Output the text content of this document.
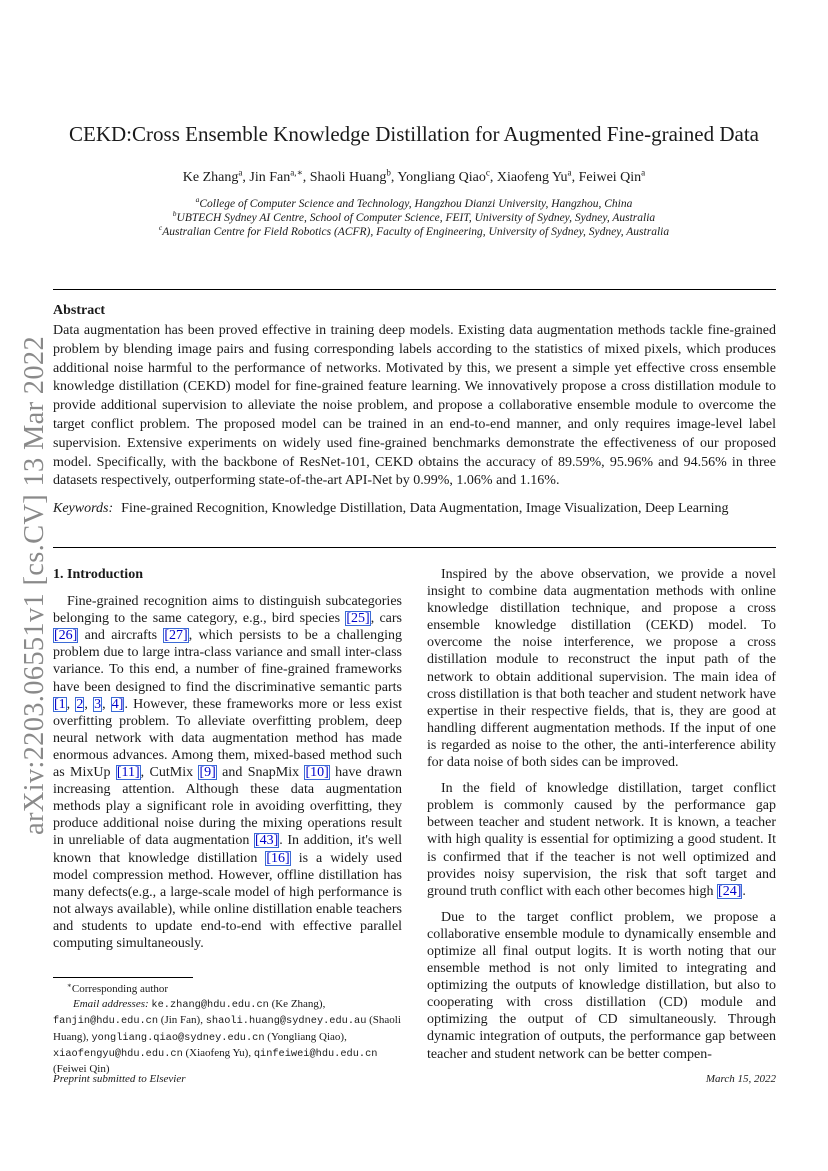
arXiv:2203.06551v1 [cs.CV] 13 Mar 2022
CEKD:Cross Ensemble Knowledge Distillation for Augmented Fine-grained Data
Ke Zhang$^a$, Jin Fan$^{a,∗}$, Shaoli Huang$^b$, Yongliang Qiao$^c$, Xiaofeng Yu$^a$, Feiwei Qin$^a$
$^a$College of Computer Science and Technology, Hangzhou Dianzi University, Hangzhou, China
$^b$UBTECH Sydney AI Centre, School of Computer Science, FEIT, University of Sydney, Sydney, Australia
$^c$Australian Centre for Field Robotics (ACFR), Faculty of Engineering, University of Sydney, Sydney, Australia
Abstract
Data augmentation has been proved effective in training deep models. Existing data augmentation methods tackle fine-grained problem by blending image pairs and fusing corresponding labels according to the statistics of mixed pixels, which produces additional noise harmful to the performance of networks. Motivated by this, we present a simple yet effective cross ensemble knowledge distillation (CEKD) model for fine-grained feature learning. We innovatively propose a cross distillation module to provide additional supervision to alleviate the noise problem, and propose a collaborative ensemble module to overcome the target conflict problem. The proposed model can be trained in an end-to-end manner, and only requires image-level label supervision. Extensive experiments on widely used fine-grained benchmarks demonstrate the effectiveness of our proposed model. Specifically, with the backbone of ResNet-101, CEKD obtains the accuracy of 89.59%, 95.96% and 94.56% in three datasets respectively, outperforming state-of-the-art API-Net by 0.99%, 1.06% and 1.16%.
Keywords: Fine-grained Recognition, Knowledge Distillation, Data Augmentation, Image Visualization, Deep Learning

1. Introduction

Fine-grained recognition aims to distinguish subcategories belonging to the same category, e.g., bird species [25], cars [26] and aircrafts [27], which persists to be a challenging problem due to large intra-class variance and small inter-class variance. To this end, a number of fine-grained frameworks have been designed to find the discriminative semantic parts [1, 2, 3, 4]. However, these frameworks more or less exist overfitting problem. To alleviate overfitting problem, deep neural network with data augmentation method has made enormous advances. Among them, mixed-based method such as MixUp [11], CutMix [9] and SnapMix [10] have drawn increasing attention. Although these data augmentation methods play a significant role in avoiding overfitting, they produce additional noise during the mixing operations result in unreliable of data augmentation [43]. In addition, it's well known that knowledge distillation [16] is a widely used model compression method. However, offline distillation has many defects(e.g., a large-scale model of high performance is not always available), while online distillation enable teachers and students to update end-to-end with effective parallel computing simultaneously.

Inspired by the above observation, we provide a novel insight to combine data augmentation methods with online knowledge distillation technique, and propose a cross ensemble knowledge distillation (CEKD) model. To overcome the noise interference, we propose a cross distillation module to reconstruct the input path of the network to obtain additional supervision. The main idea of cross distillation is that both teacher and student network have expertise in their respective fields, that is, they are good at handling different augmentation methods. If the input of one is regarded as noise to the other, the anti-interference ability for data noise of both sides can be improved.

In the field of knowledge distillation, target conflict problem is commonly caused by the performance gap between teacher and student network. It is known, a teacher with high quality is essential for optimizing a good student. It is confirmed that if the teacher is not well optimized and provides noisy supervision, the risk that soft target and ground truth conflict with each other becomes high [24].

Due to the target conflict problem, we propose a collaborative ensemble module to dynamically ensemble and optimize all final output logits. It is worth noting that our ensemble method is not only limited to integrating and optimizing the outputs of knowledge distillation, but also to cooperating with cross distillation (CD) module and optimizing the output of CD simultaneously. Through dynamic integration of outputs, the performance gap between teacher and student network can be better compen-

∗Corresponding author
Email addresses: ke.zhang@hdu.edu.cn (Ke Zhang), fanjin@hdu.edu.cn (Jin Fan), shaoli.huang@sydney.edu.au (Shaoli Huang), yongliang.qiao@sydney.edu.cn (Yongliang Qiao), xiaofengyu@hdu.edu.cn (Xiaofeng Yu), qinfeiwei@hdu.edu.cn (Feiwei Qin)
Preprint submitted to Elsevier	March 15, 2022
